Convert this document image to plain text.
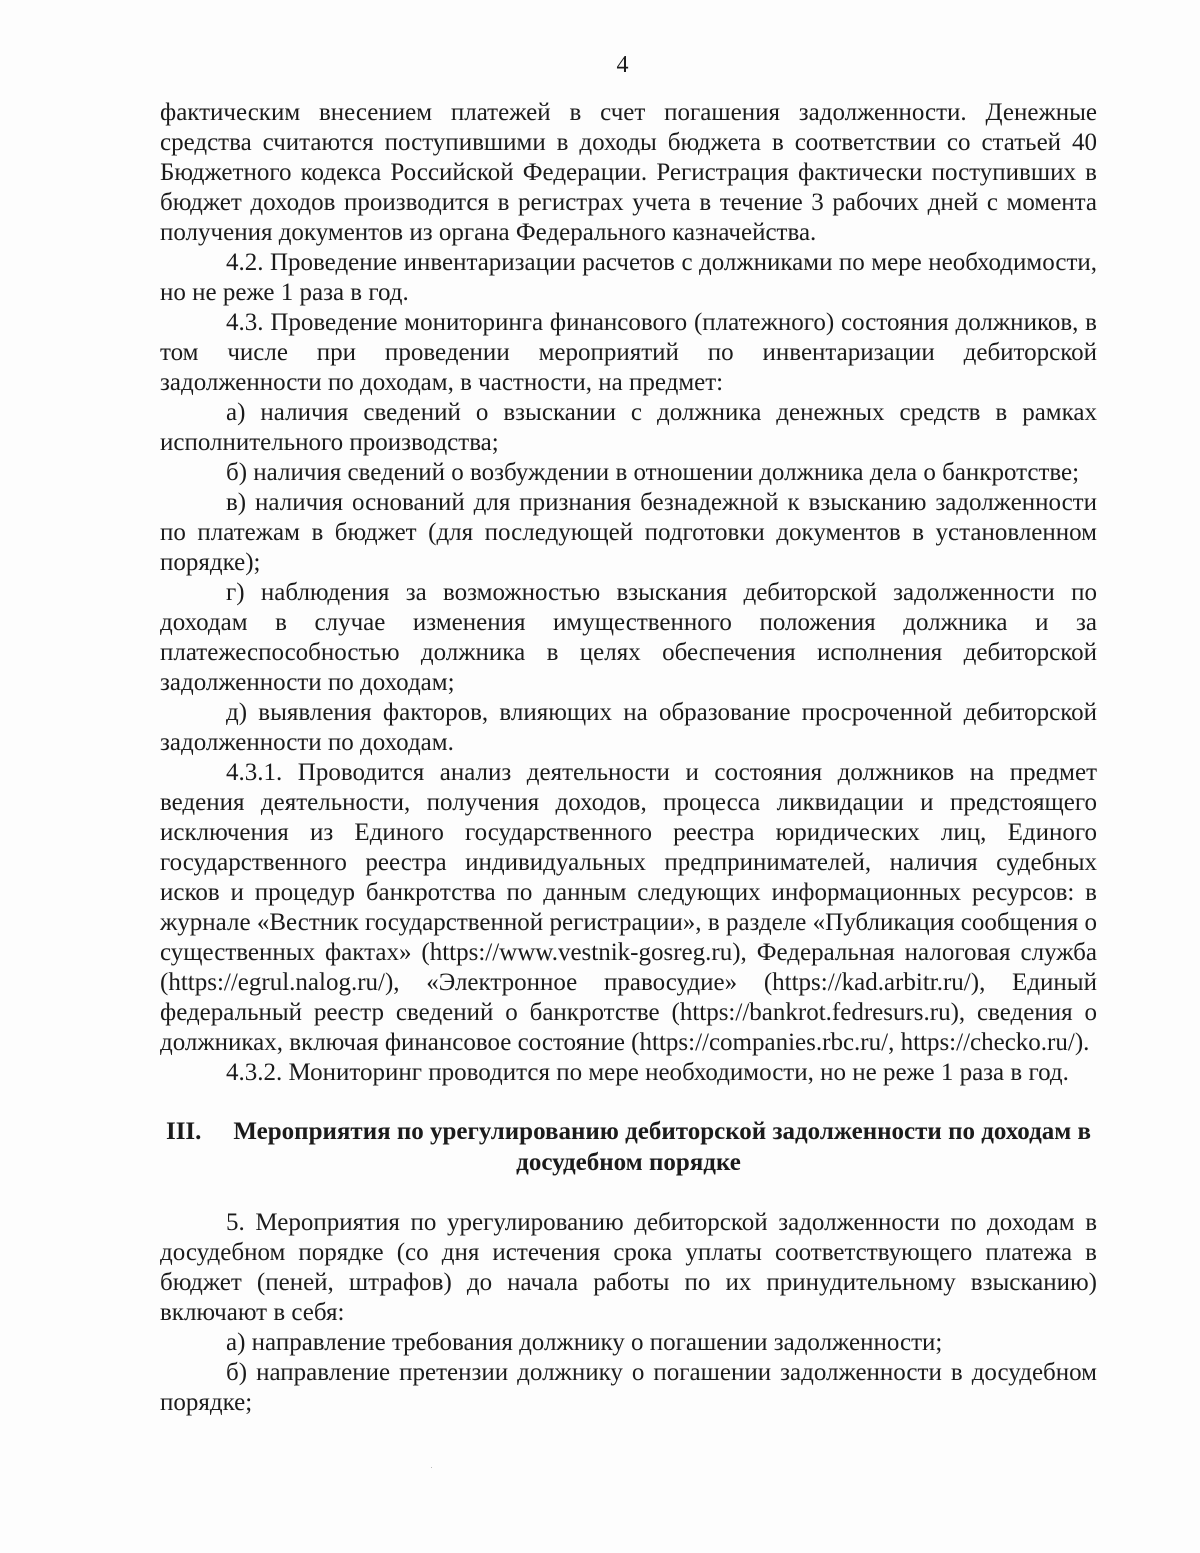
4

фактическим внесением платежей в счет погашения задолженности. Денежные средства считаются поступившими в доходы бюджета в соответствии со статьей 40 Бюджетного кодекса Российской Федерации. Регистрация фактически поступивших в бюджет доходов производится в регистрах учета в течение 3 рабочих дней с момента получения документов из органа Федерального казначейства.

4.2. Проведение инвентаризации расчетов с должниками по мере необходимости, но не реже 1 раза в год.

4.3. Проведение мониторинга финансового (платежного) состояния должников, в том числе при проведении мероприятий по инвентаризации дебиторской задолженности по доходам, в частности, на предмет:

а) наличия сведений о взыскании с должника денежных средств в рамках исполнительного производства;

б) наличия сведений о возбуждении в отношении должника дела о банкротстве;

в) наличия оснований для признания безнадежной к взысканию задолженности по платежам в бюджет (для последующей подготовки документов в установленном порядке);

г) наблюдения за возможностью взыскания дебиторской задолженности по доходам в случае изменения имущественного положения должника и за платежеспособностью должника в целях обеспечения исполнения дебиторской задолженности по доходам;

д) выявления факторов, влияющих на образование просроченной дебиторской задолженности по доходам.

4.3.1. Проводится анализ деятельности и состояния должников на предмет ведения деятельности, получения доходов, процесса ликвидации и предстоящего исключения из Единого государственного реестра юридических лиц, Единого государственного реестра индивидуальных предпринимателей, наличия судебных исков и процедур банкротства по данным следующих информационных ресурсов: в журнале «Вестник государственной регистрации», в разделе «Публикация сообщения о существенных фактах» (https://www.vestnik-gosreg.ru), Федеральная налоговая служба (https://egrul.nalog.ru/), «Электронное правосудие» (https://kad.arbitr.ru/), Единый федеральный реестр сведений о банкротстве (https://bankrot.fedresurs.ru), сведения о должниках, включая финансовое состояние (https://companies.rbc.ru/, https://checko.ru/).

4.3.2. Мониторинг проводится по мере необходимости, но не реже 1 раза в год.

III. Мероприятия по урегулированию дебиторской задолженности по доходам в досудебном порядке

5. Мероприятия по урегулированию дебиторской задолженности по доходам в досудебном порядке (со дня истечения срока уплаты соответствующего платежа в бюджет (пеней, штрафов) до начала работы по их принудительному взысканию) включают в себя:

а) направление требования должнику о погашении задолженности;

б) направление претензии должнику о погашении задолженности в досудебном порядке;
